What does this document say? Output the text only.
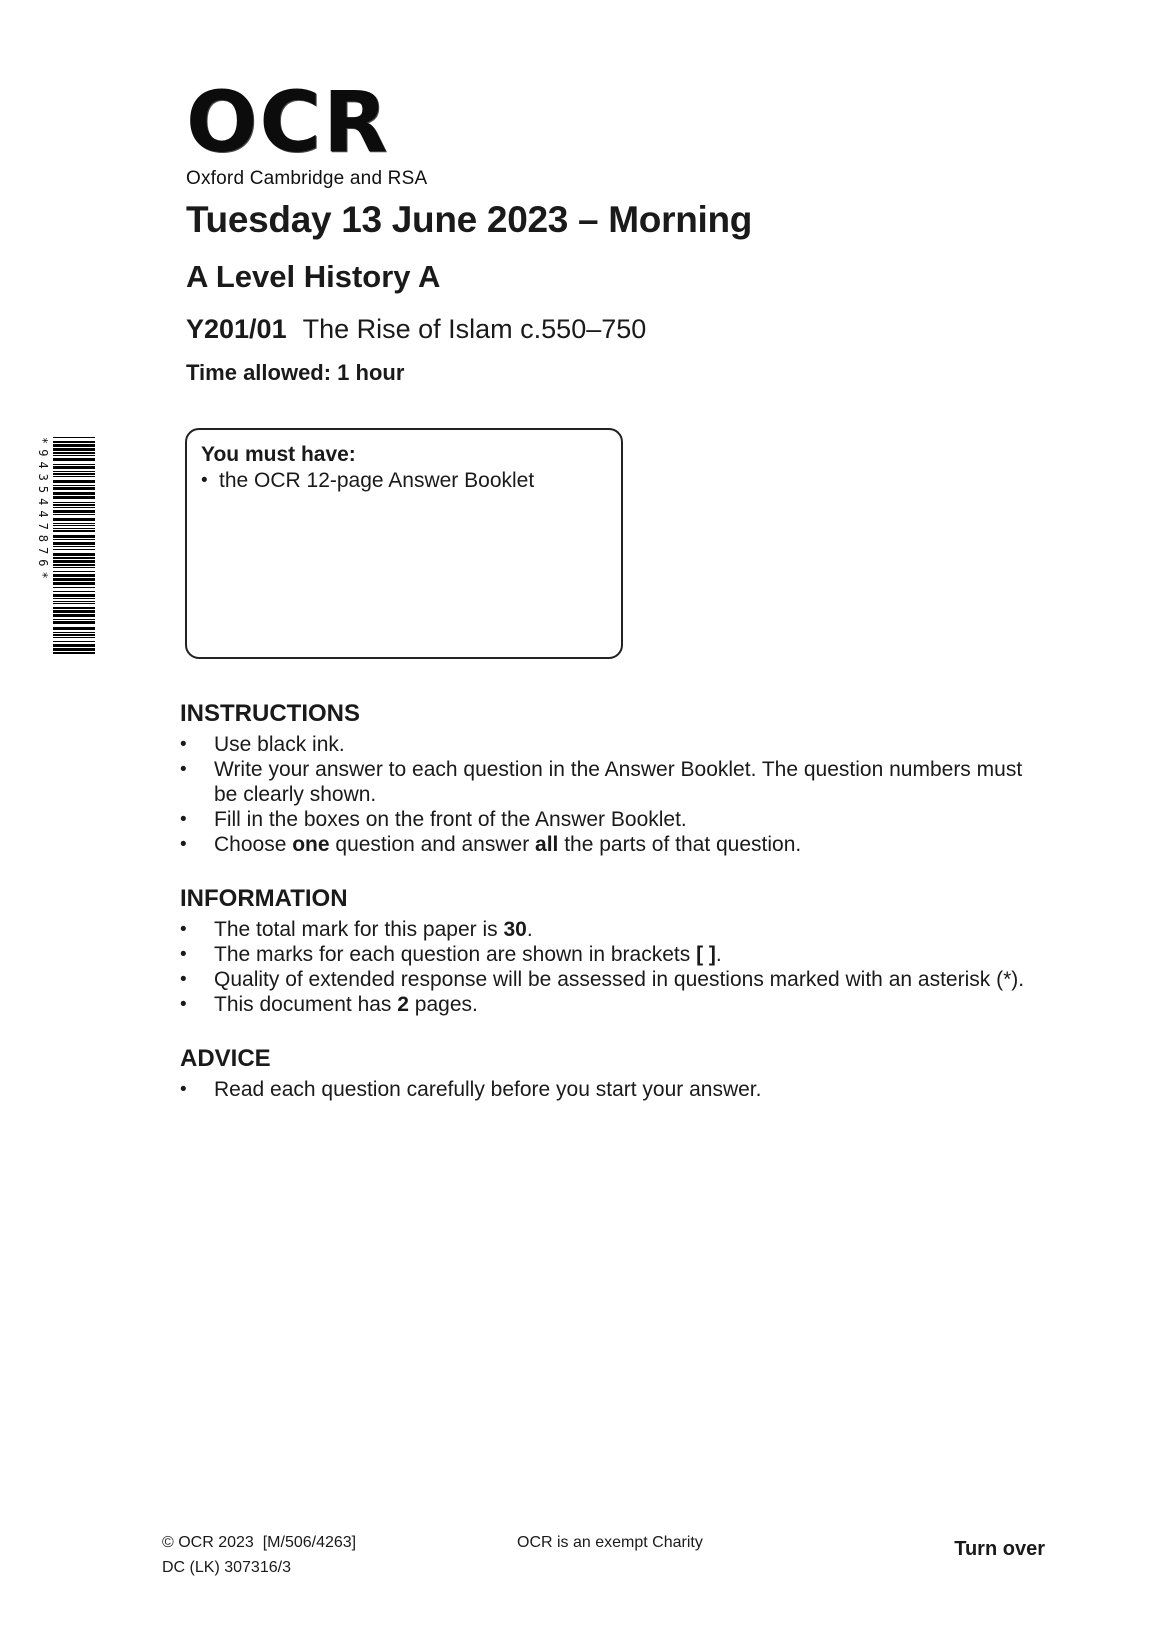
OCR
Oxford Cambridge and RSA
Tuesday 13 June 2023 – Morning
A Level History A
Y201/01 The Rise of Islam c.550–750
Time allowed: 1 hour
*9435447876*	You must have:
• the OCR 12-page Answer Booklet
INSTRUCTIONS
•	Use black ink.
•	Write your answer to each question in the Answer Booklet. The question numbers must
be clearly shown.
•	Fill in the boxes on the front of the Answer Booklet.
•	Choose one question and answer all the parts of that question.
INFORMATION
•	The total mark for this paper is 30.
•	The marks for each question are shown in brackets [ ].
•	Quality of extended response will be assessed in questions marked with an asterisk (*).
•	This document has 2 pages.
ADVICE
•	Read each question carefully before you start your answer.
© OCR 2023  [M/506/4263]
DC (LK) 307316/3
OCR is an exempt Charity	Turn over
